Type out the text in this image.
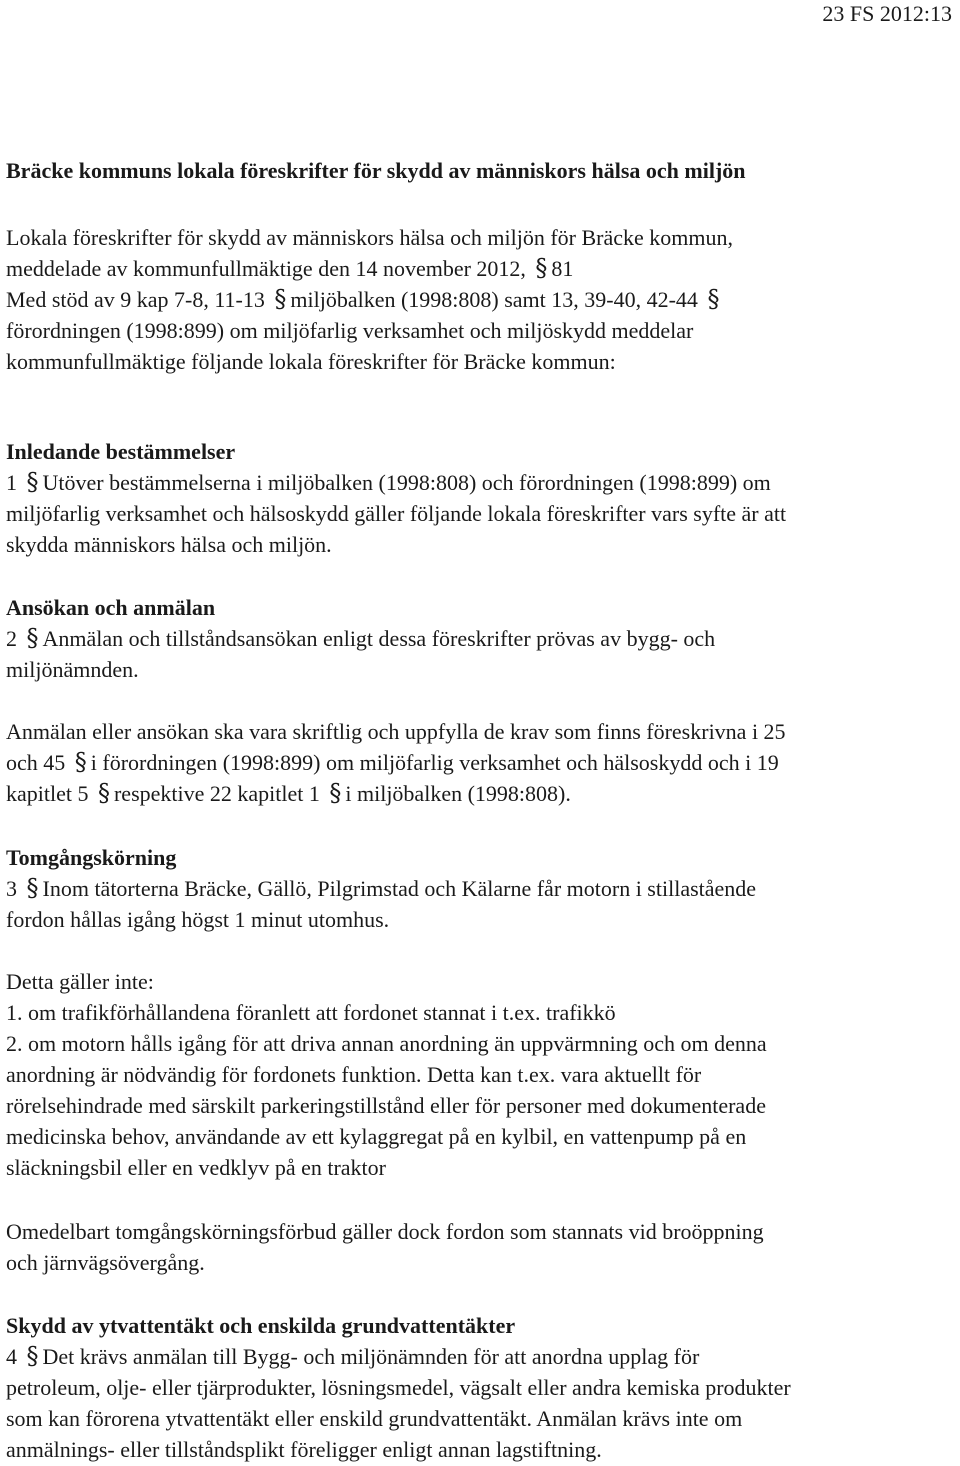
23 FS 2012:13
Bräcke kommuns lokala föreskrifter för skydd av människors hälsa och miljön

Lokala föreskrifter för skydd av människors hälsa och miljön för Bräcke kommun,

meddelade av kommunfullmäktige den 14 november 2012, § 81

Med stöd av 9 kap 7-8, 11-13 § miljöbalken (1998:808) samt 13, 39-40, 42-44 §

förordningen (1998:899) om miljöfarlig verksamhet och miljöskydd meddelar

kommunfullmäktige följande lokala föreskrifter för Bräcke kommun:

Inledande bestämmelser

1 § Utöver bestämmelserna i miljöbalken (1998:808) och förordningen (1998:899) om

miljöfarlig verksamhet och hälsoskydd gäller följande lokala föreskrifter vars syfte är att

skydda människors hälsa och miljön.

Ansökan och anmälan

2 § Anmälan och tillståndsansökan enligt dessa föreskrifter prövas av bygg- och

miljönämnden.

Anmälan eller ansökan ska vara skriftlig och uppfylla de krav som finns föreskrivna i 25

och 45 § i förordningen (1998:899) om miljöfarlig verksamhet och hälsoskydd och i 19

kapitlet 5 § respektive 22 kapitlet 1 § i miljöbalken (1998:808).

Tomgångskörning

3 § Inom tätorterna Bräcke, Gällö, Pilgrimstad och Kälarne får motorn i stillastående

fordon hållas igång högst 1 minut utomhus.

Detta gäller inte:

1. om trafikförhållandena föranlett att fordonet stannat i t.ex. trafikkö

2. om motorn hålls igång för att driva annan anordning än uppvärmning och om denna

anordning är nödvändig för fordonets funktion. Detta kan t.ex. vara aktuellt för

rörelsehindrade med särskilt parkeringstillstånd eller för personer med dokumenterade

medicinska behov, användande av ett kylaggregat på en kylbil, en vattenpump på en

släckningsbil eller en vedklyv på en traktor

Omedelbart tomgångskörningsförbud gäller dock fordon som stannats vid broöppning

och järnvägsövergång.

Skydd av ytvattentäkt och enskilda grundvattentäkter

4 § Det krävs anmälan till Bygg- och miljönämnden för att anordna upplag för

petroleum, olje- eller tjärprodukter, lösningsmedel, vägsalt eller andra kemiska produkter

som kan förorena ytvattentäkt eller enskild grundvattentäkt. Anmälan krävs inte om

anmälnings- eller tillståndsplikt föreligger enligt annan lagstiftning.
